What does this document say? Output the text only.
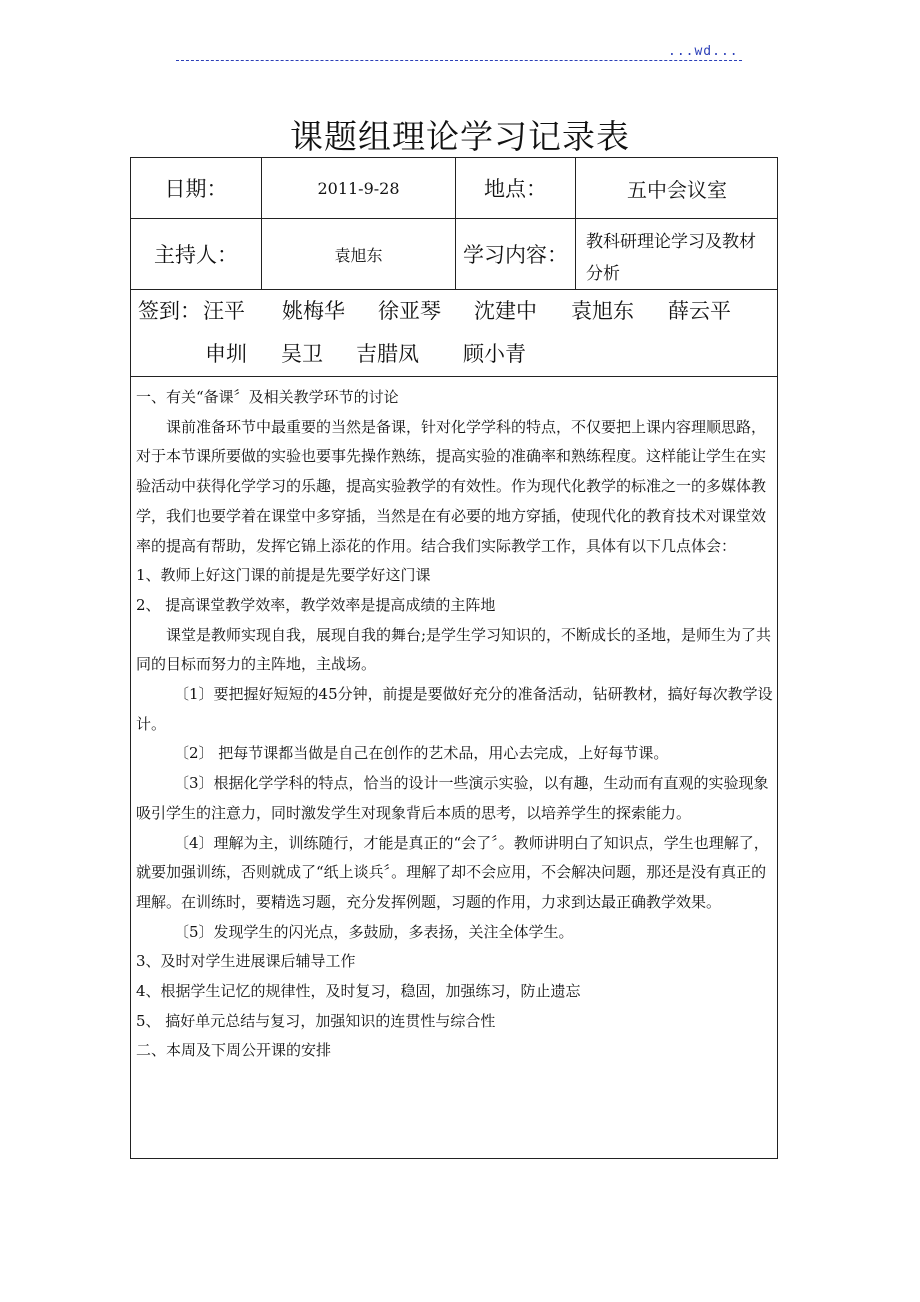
...wd...
课题组理论学习记录表
日期：	2011-9-28	地点：	五中会议室
主持人：	袁旭东	学习内容：
教科研理论学习及教材分析
签到： 汪平 姚梅华 徐亚琴 沈建中 袁旭东 薛云平
申圳 吴卫 吉腊凤 顾小青

一、有关“备课〞及相关教学环节的讨论

课前准备环节中最重要的当然是备课，针对化学学科的特点，不仅要把上课内容理顺思路，对于本节课所要做的实验也要事先操作熟练，提高实验的准确率和熟练程度。这样能让学生在实验活动中获得化学学习的乐趣，提高实验教学的有效性。作为现代化教学的标准之一的多媒体教学，我们也要学着在课堂中多穿插，当然是在有必要的地方穿插，使现代化的教育技术对课堂效率的提高有帮助，发挥它锦上添花的作用。结合我们实际教学工作，具体有以下几点体会：

1、教师上好这门课的前提是先要学好这门课

2、 提高课堂教学效率，教学效率是提高成绩的主阵地

课堂是教师实现自我，展现自我的舞台;是学生学习知识的，不断成长的圣地，是师生为了共同的目标而努力的主阵地，主战场。

〔1〕要把握好短短的45分钟，前提是要做好充分的准备活动，钻研教材，搞好每次教学设计。

〔2〕 把每节课都当做是自己在创作的艺术品，用心去完成，上好每节课。

〔3〕根据化学学科的特点，恰当的设计一些演示实验，以有趣，生动而有直观的实验现象吸引学生的注意力，同时激发学生对现象背后本质的思考，以培养学生的探索能力。

〔4〕理解为主，训练随行，才能是真正的“会了〞。教师讲明白了知识点，学生也理解了，就要加强训练，否则就成了“纸上谈兵〞。理解了却不会应用，不会解决问题，那还是没有真正的理解。在训练时，要精选习题，充分发挥例题，习题的作用，力求到达最正确教学效果。

〔5〕发现学生的闪光点，多鼓励，多表扬，关注全体学生。

3、及时对学生进展课后辅导工作

4、根据学生记忆的规律性，及时复习，稳固，加强练习，防止遗忘

5、 搞好单元总结与复习，加强知识的连贯性与综合性

二、本周及下周公开课的安排
